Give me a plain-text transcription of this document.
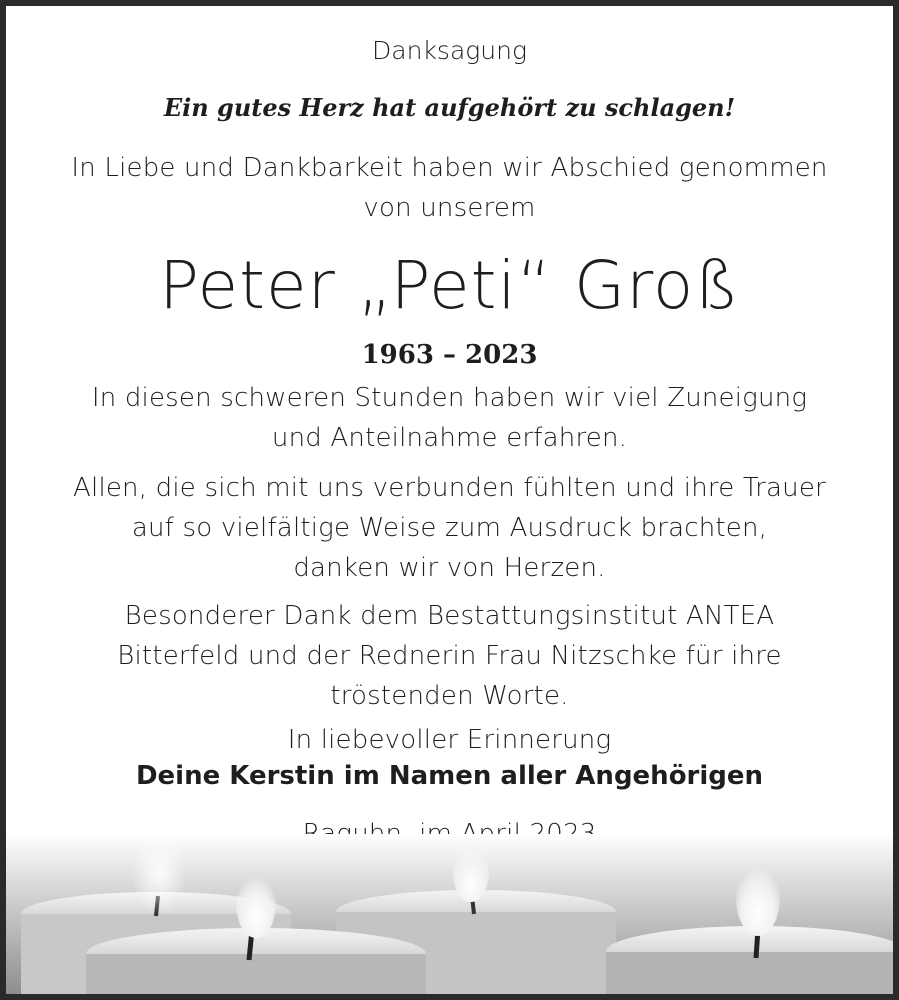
Danksagung
Ein gutes Herz hat aufgehört zu schlagen!
In Liebe und Dankbarkeit haben wir Abschied genommen
von unserem
Peter „Peti“ Groß
1963 – 2023
In diesen schweren Stunden haben wir viel Zuneigung
und Anteilnahme erfahren.
Allen, die sich mit uns verbunden fühlten und ihre Trauer
auf so vielfältige Weise zum Ausdruck brachten,
danken wir von Herzen.
Besonderer Dank dem Bestattungsinstitut ANTEA
Bitterfeld und der Rednerin Frau Nitzschke für ihre
tröstenden Worte.
In liebevoller Erinnerung
Deine Kerstin im Namen aller Angehörigen
